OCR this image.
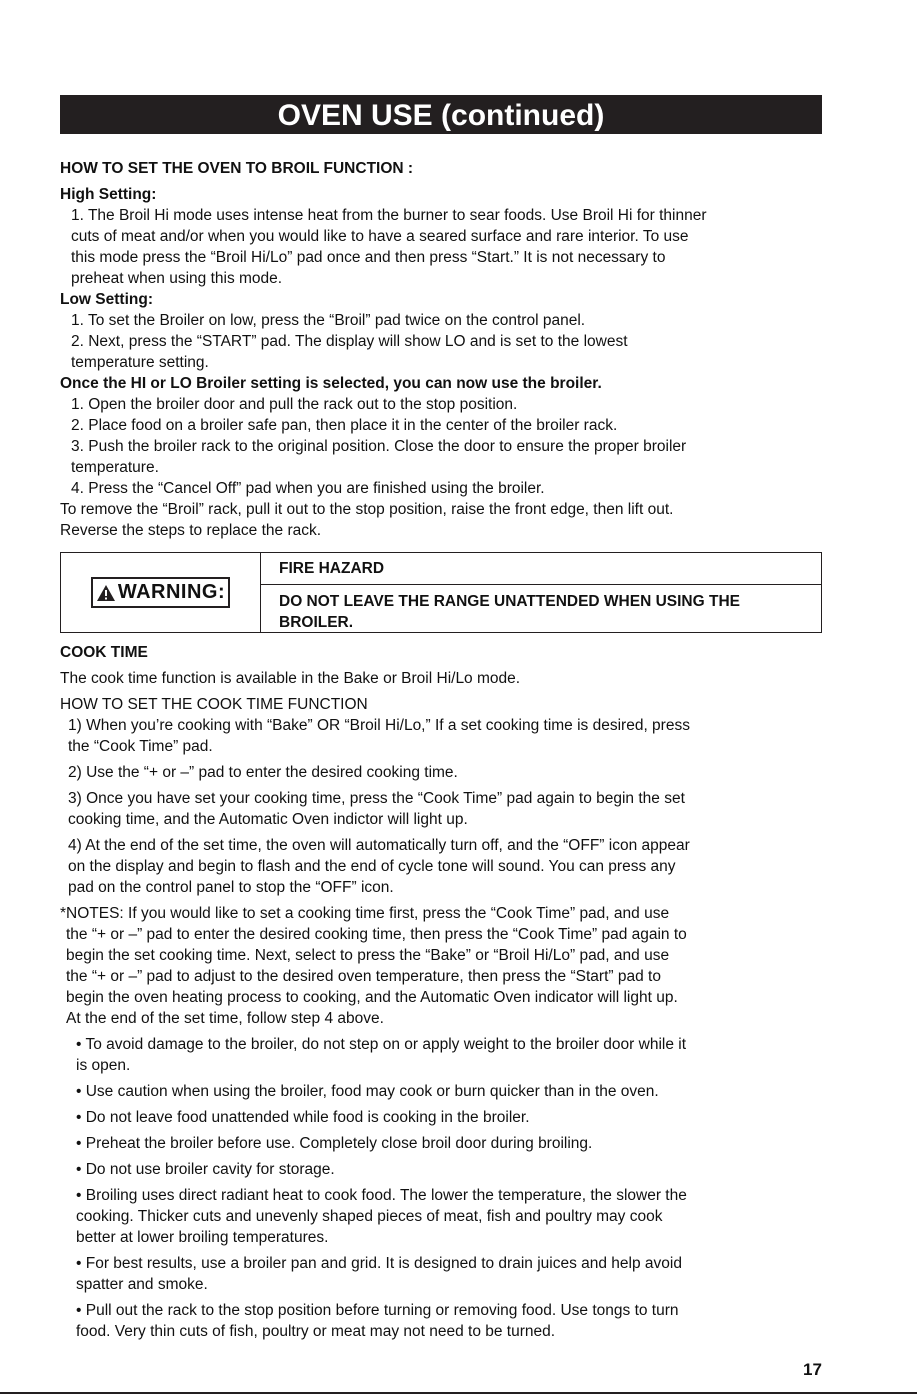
OVEN USE (continued)

HOW TO SET THE OVEN TO BROIL FUNCTION :

High Setting:

1. The Broil Hi mode uses intense heat from the burner to sear foods. Use Broil Hi for thinner

cuts of meat and/or when you would like to have a seared surface and rare interior. To use

this mode press the “Broil Hi/Lo” pad once and then press “Start.” It is not necessary to

preheat when using this mode.

Low Setting:

1. To set the Broiler on low, press the “Broil” pad twice on the control panel.

2. Next, press the “START” pad. The display will show LO and is set to the lowest

temperature setting.

Once the HI or LO Broiler setting is selected, you can now use the broiler.

1. Open the broiler door and pull the rack out to the stop position.

2. Place food on a broiler safe pan, then place it in the center of the broiler rack.

3. Push the broiler rack to the original position. Close the door to ensure the proper broiler

temperature.

4. Press the “Cancel Off” pad when you are finished using the broiler.

To remove the “Broil” rack, pull it out to the stop position, raise the front edge, then lift out.

Reverse the steps to replace the rack.

WARNING:
FIRE HAZARD
DO NOT LEAVE THE RANGE UNATTENDED WHEN USING THE BROILER.

COOK TIME

The cook time function is available in the Bake or Broil Hi/Lo mode.

HOW TO SET THE COOK TIME FUNCTION

1) When you’re cooking with “Bake” OR “Broil Hi/Lo,” If a set cooking time is desired, press

the “Cook Time” pad.

2) Use the “+ or –” pad to enter the desired cooking time.

3) Once you have set your cooking time, press the “Cook Time” pad again to begin the set

cooking time, and the Automatic Oven indictor will light up.

4) At the end of the set time, the oven will automatically turn off, and the “OFF” icon appear

on the display and begin to flash and the end of cycle tone will sound. You can press any

pad on the control panel to stop the “OFF” icon.

*NOTES: If you would like to set a cooking time first, press the “Cook Time” pad, and use

the “+ or –” pad to enter the desired cooking time, then press the “Cook Time” pad again to

begin the set cooking time. Next, select to press the “Bake” or “Broil Hi/Lo” pad, and use

the “+ or –” pad to adjust to the desired oven temperature, then press the “Start” pad to

begin the oven heating process to cooking, and the Automatic Oven indicator will light up.

At the end of the set time, follow step 4 above.

• To avoid damage to the broiler, do not step on or apply weight to the broiler door while it

is open.

• Use caution when using the broiler, food may cook or burn quicker than in the oven.

• Do not leave food unattended while food is cooking in the broiler.

• Preheat the broiler before use. Completely close broil door during broiling.

• Do not use broiler cavity for storage.

• Broiling uses direct radiant heat to cook food. The lower the temperature, the slower the

cooking. Thicker cuts and unevenly shaped pieces of meat, fish and poultry may cook

better at lower broiling temperatures.

• For best results, use a broiler pan and grid. It is designed to drain juices and help avoid

spatter and smoke.

• Pull out the rack to the stop position before turning or removing food. Use tongs to turn

food. Very thin cuts of fish, poultry or meat may not need to be turned.

17
